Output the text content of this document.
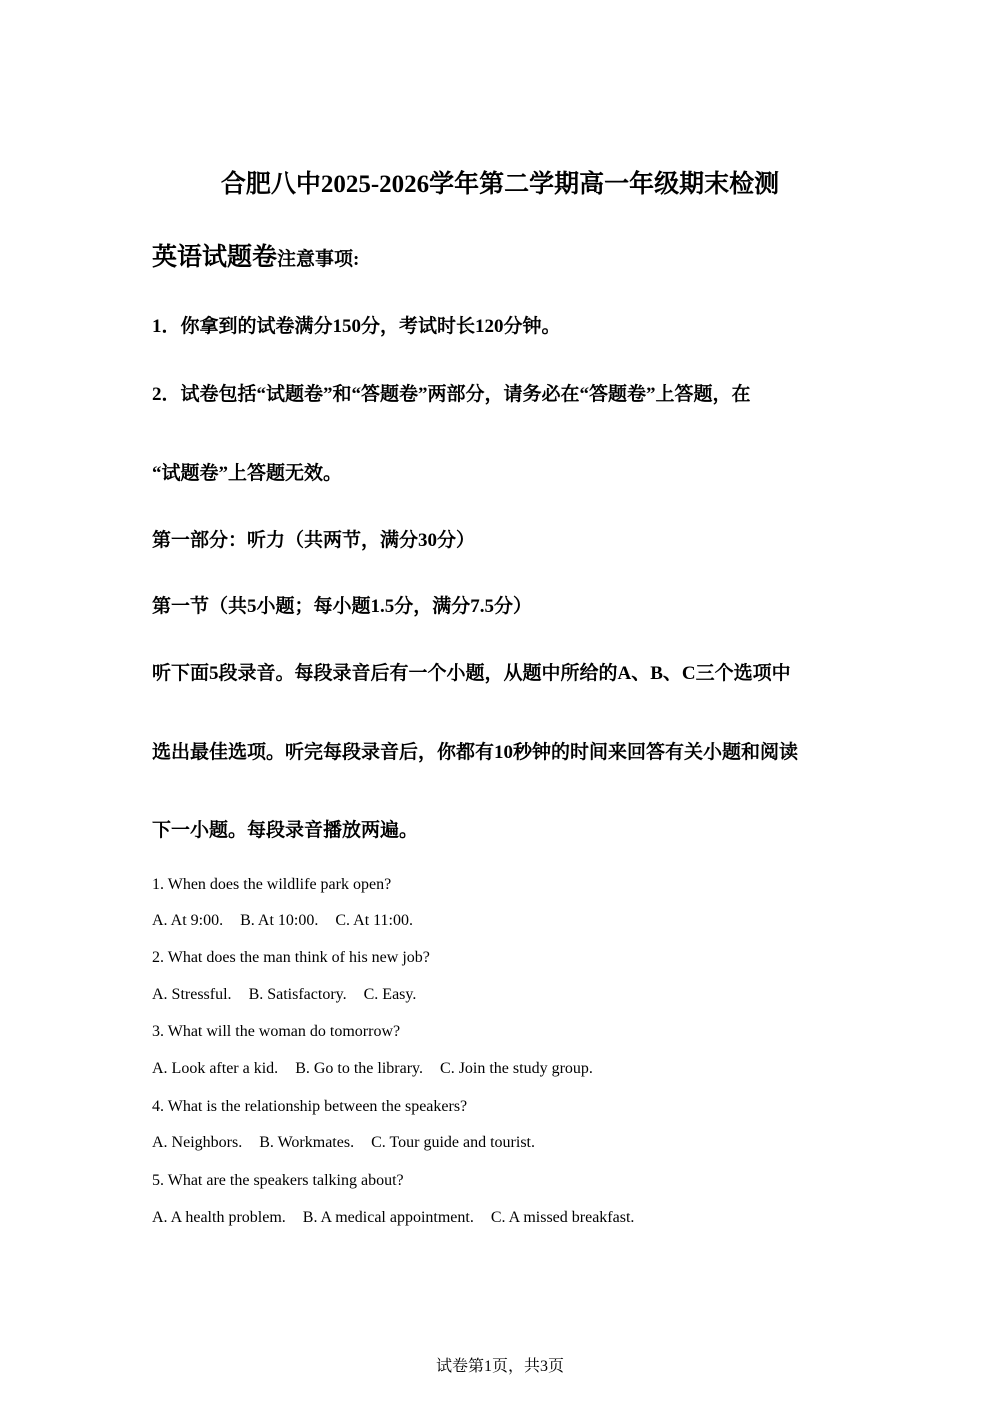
合肥八中2025-2026学年第二学期高一年级期末检测
英语试题卷注意事项:
1．你拿到的试卷满分150分，考试时长120分钟。
2．试卷包括“试题卷”和“答题卷”两部分，请务必在“答题卷”上答题，在
“试题卷”上答题无效。
第一部分：听力（共两节，满分30分）
第一节（共5小题；每小题1.5分，满分7.5分）
听下面5段录音。每段录音后有一个小题，从题中所给的A、B、C三个选项中
选出最佳选项。听完每段录音后，你都有10秒钟的时间来回答有关小题和阅读
下一小题。每段录音播放两遍。
1. When does the wildlife park open?
A. At 9:00. B. At 10:00. C. At 11:00.
2. What does the man think of his new job?
A. Stressful. B. Satisfactory. C. Easy.
3. What will the woman do tomorrow?
A. Look after a kid. B. Go to the library. C. Join the study group.
4. What is the relationship between the speakers?
A. Neighbors. B. Workmates. C. Tour guide and tourist.
5. What are the speakers talking about?
A. A health problem. B. A medical appointment. C. A missed breakfast.
试卷第1页，共3页
